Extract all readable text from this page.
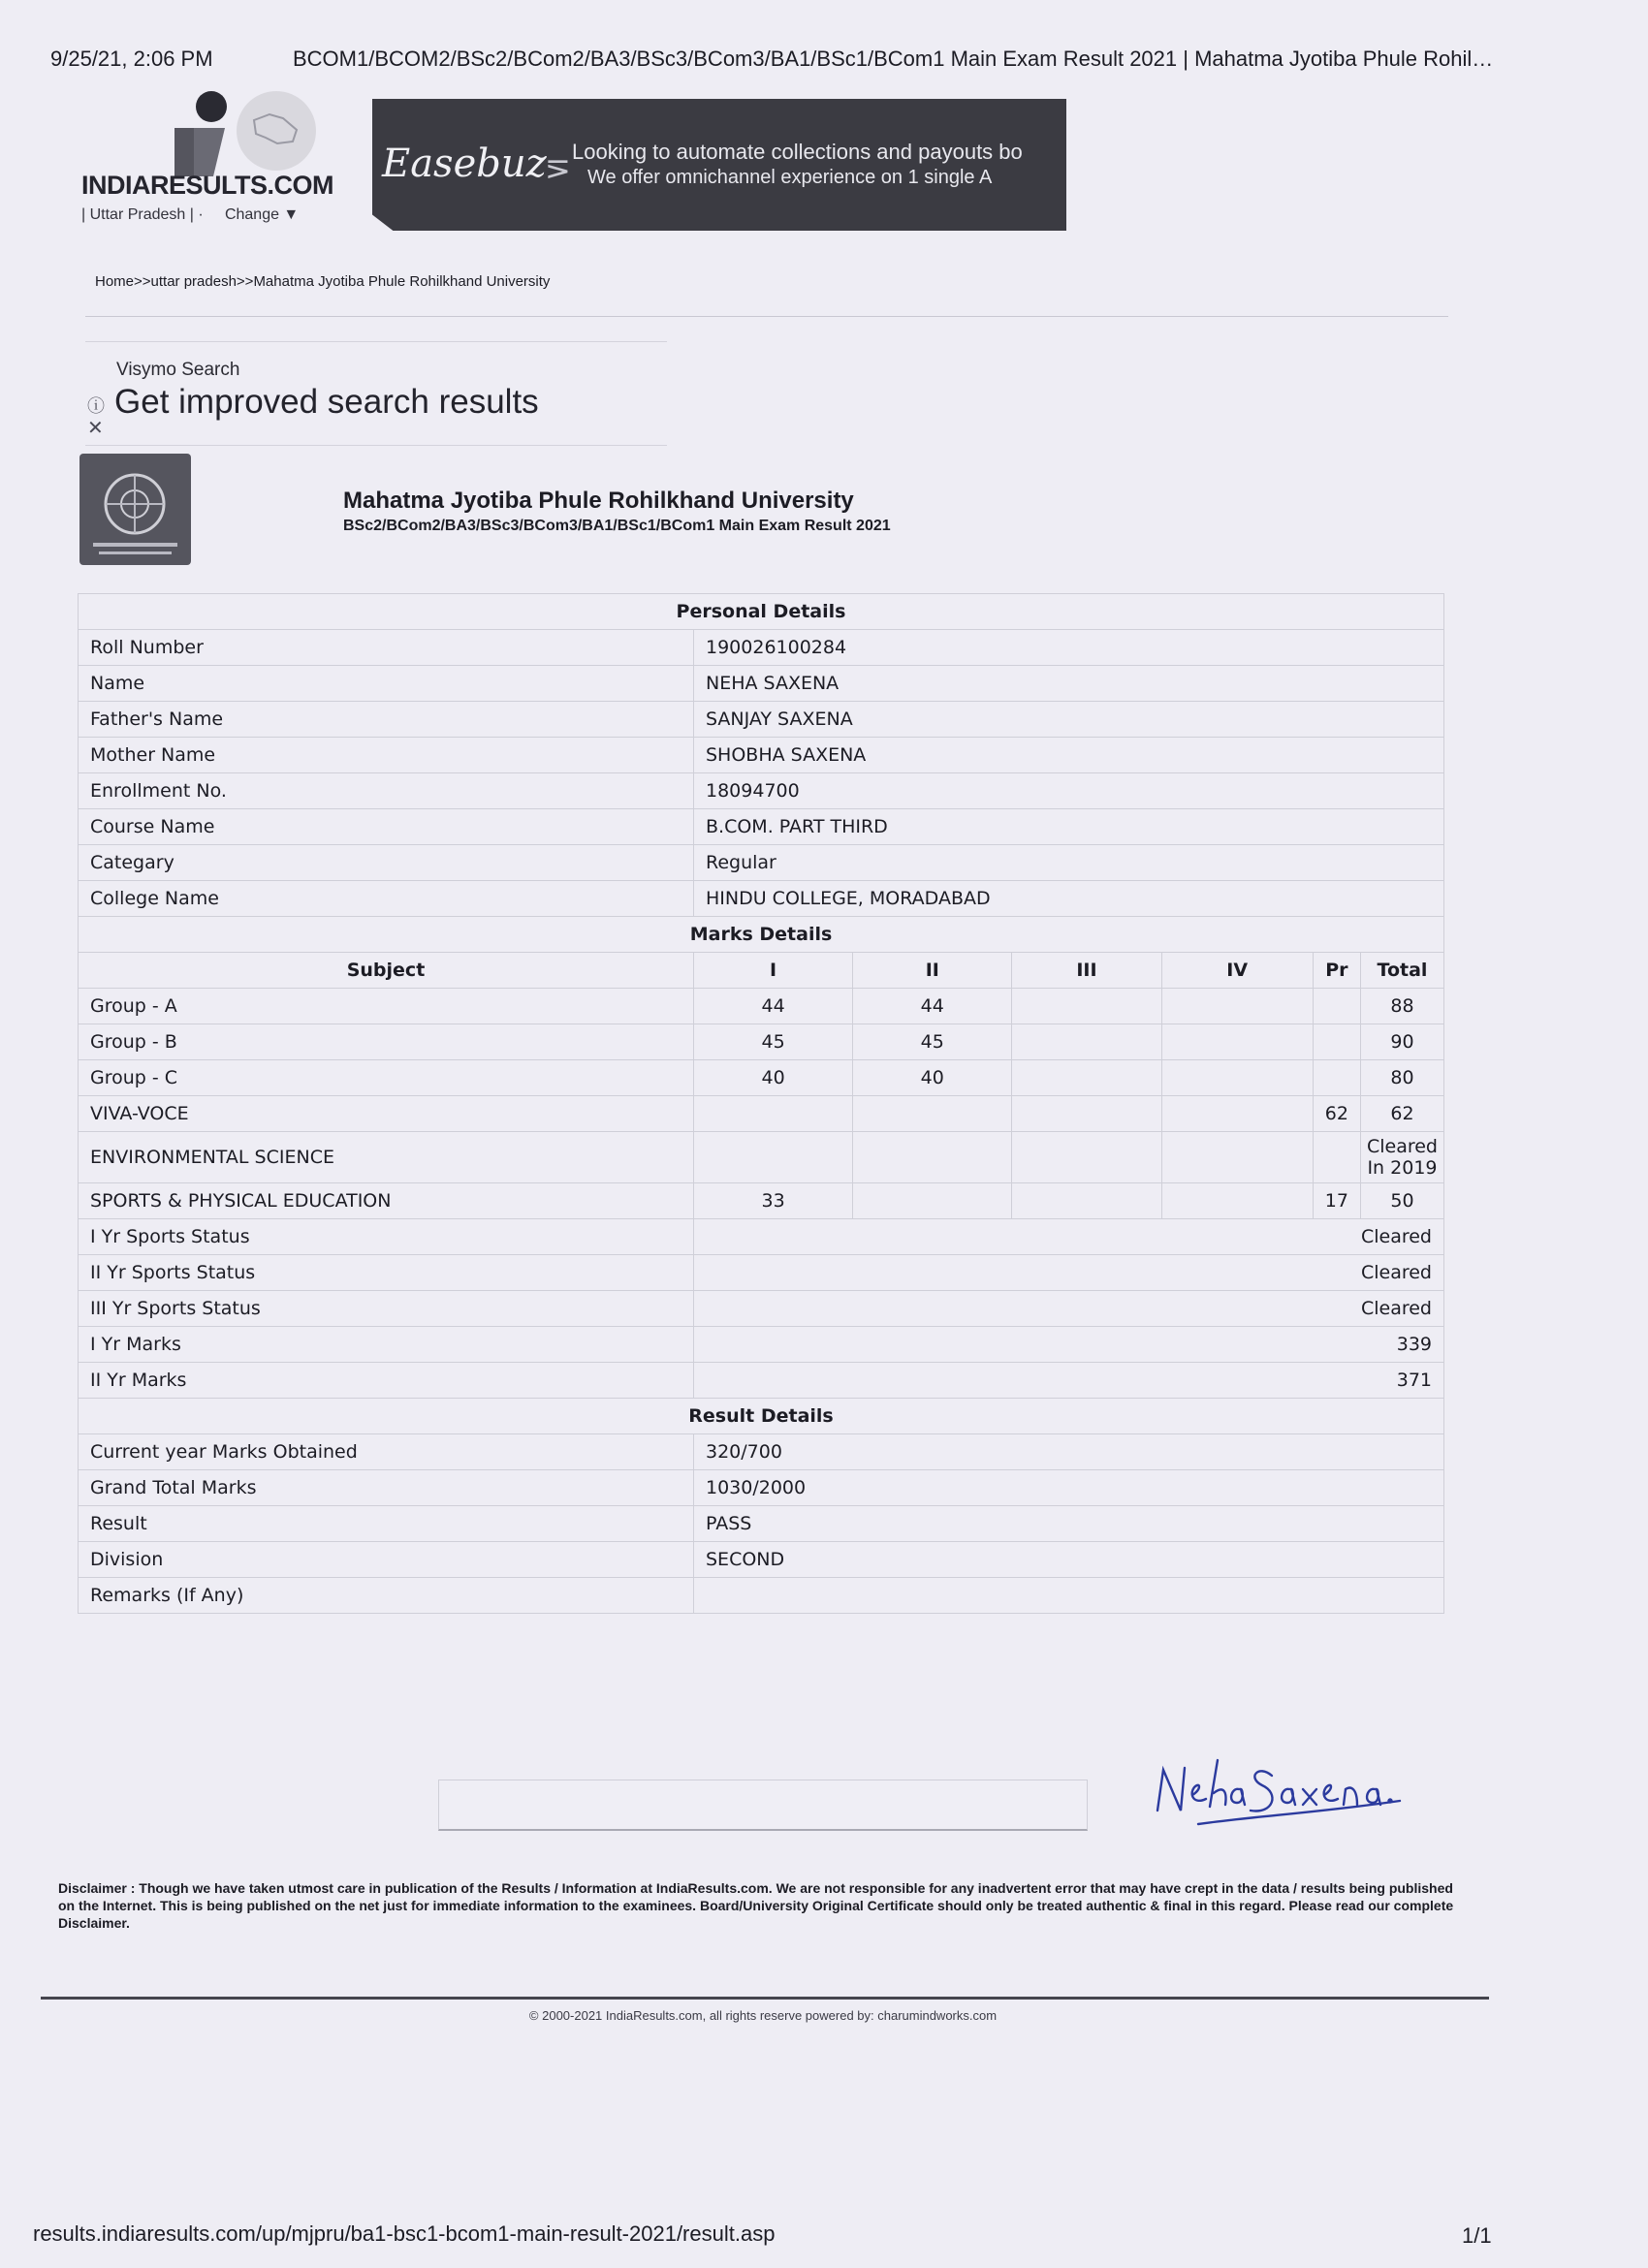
9/25/21, 2:06 PM	BCOM1/BCOM2/BSc2/BCom2/BA3/BSc3/BCom3/BA1/BSc1/BCom1 Main Exam Result 2021 | Mahatma Jyotiba Phule Rohil…
INDIARESULTS.COM
| Uttar Pradesh | ·     Change ▼
Easebuz
⋝ Looking to automate collections and payouts bo
We offer omnichannel experience on 1 single A
Home>>uttar pradesh>>Mahatma Jyotiba Phule Rohilkhand University
Visymo Search
ⓘ Get improved search results
✕
Mahatma Jyotiba Phule Rohilkhand University
BSc2/BCom2/BA3/BSc3/BCom3/BA1/BSc1/BCom1 Main Exam Result 2021
Personal Details						
Roll Number	190026100284					
Name	NEHA SAXENA					
Father's Name	SANJAY SAXENA					
Mother Name	SHOBHA SAXENA					
Enrollment No.	18094700					
Course Name	B.COM. PART THIRD					
Categary	Regular					
College Name	HINDU COLLEGE, MORADABAD					
Marks Details						
Subject	I	II	III	IV	Pr	Total
Group - A	44	44				88
Group - B	45	45				90
Group - C	40	40				80
VIVA-VOCE					62	62
ENVIRONMENTAL SCIENCE						Cleared In 2019
SPORTS & PHYSICAL EDUCATION	33				17	50
I Yr Sports Status	Cleared					
II Yr Sports Status	Cleared					
III Yr Sports Status	Cleared					
I Yr Marks	339					
II Yr Marks	371					
Result Details						
Current year Marks Obtained	320/700					
Grand Total Marks	1030/2000					
Result	PASS					
Division	SECOND					
Remarks (If Any)						
Disclaimer : Though we have taken utmost care in publication of the Results / Information at IndiaResults.com. We are not responsible for any inadvertent error that may have crept in the data / results being published on the Internet. This is being published on the net just for immediate information to the examinees. Board/University Original Certificate should only be treated authentic & final in this regard. Please read our complete Disclaimer.
© 2000-2021 IndiaResults.com, all rights reserve powered by: charumindworks.com
results.indiaresults.com/up/mjpru/ba1-bsc1-bcom1-main-result-2021/result.asp	1/1
